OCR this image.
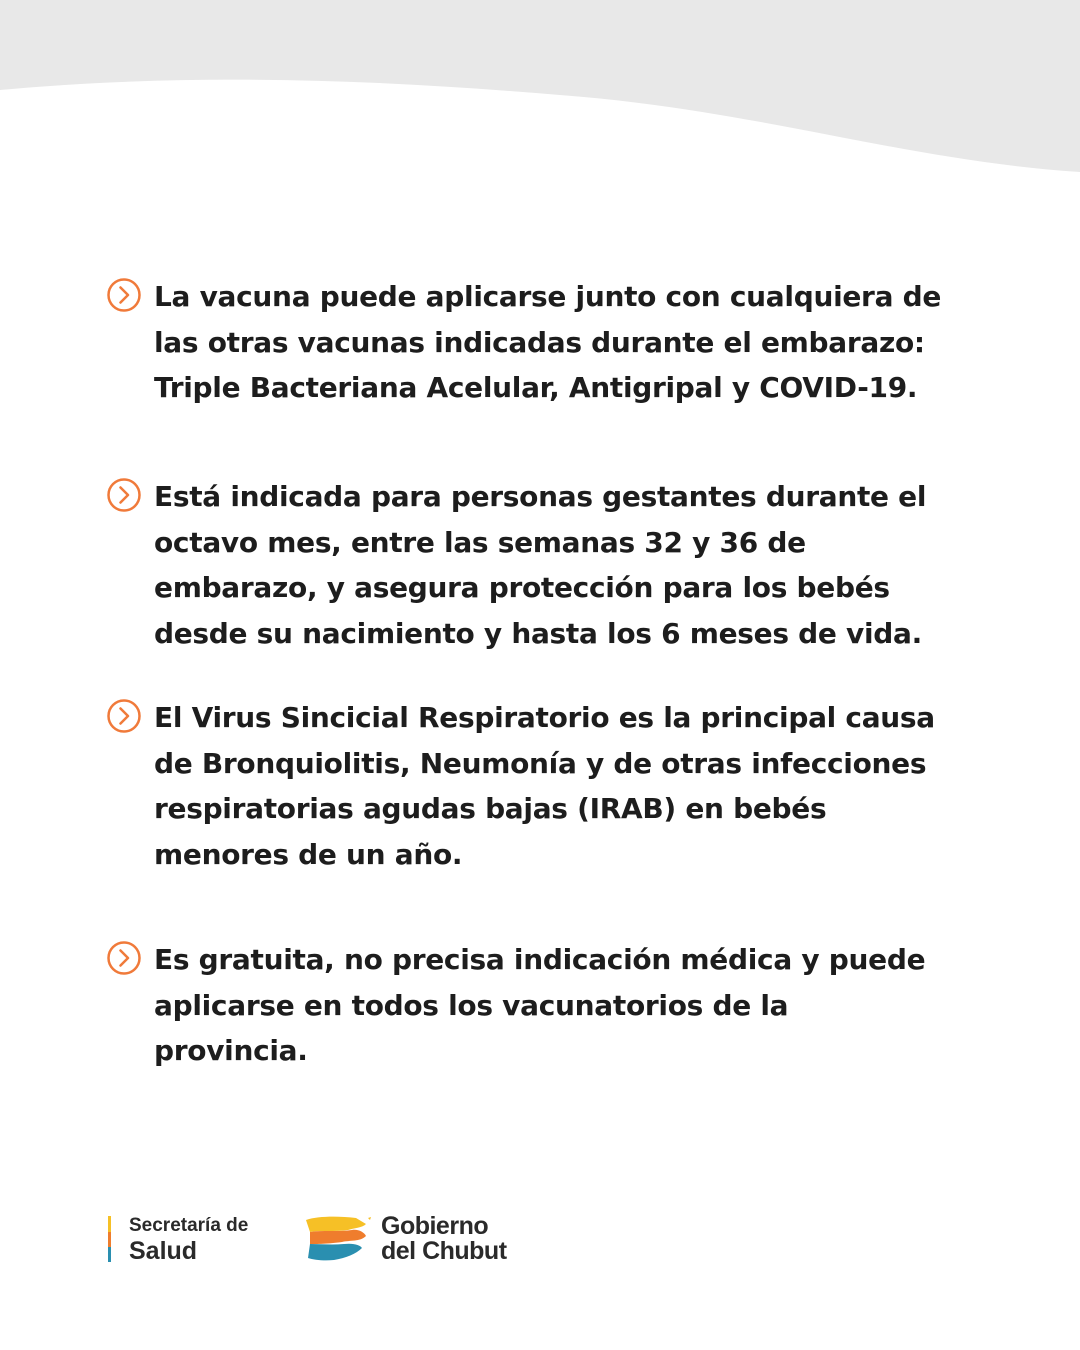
La vacuna puede aplicarse junto con cualquiera de
las otras vacunas indicadas durante el embarazo:
Triple Bacteriana Acelular, Antigripal y COVID-19.
Está indicada para personas gestantes durante el
octavo mes, entre las semanas 32 y 36 de
embarazo, y asegura protección para los bebés
desde su nacimiento y hasta los 6 meses de vida.
El Virus Sincicial Respiratorio es la principal causa
de Bronquiolitis, Neumonía y de otras infecciones
respiratorias agudas bajas (IRAB) en bebés
menores de un año.
Es gratuita, no precisa indicación médica y puede
aplicarse en todos los vacunatorios de la
provincia.
Secretaría de
Salud
Gobierno
del Chubut
